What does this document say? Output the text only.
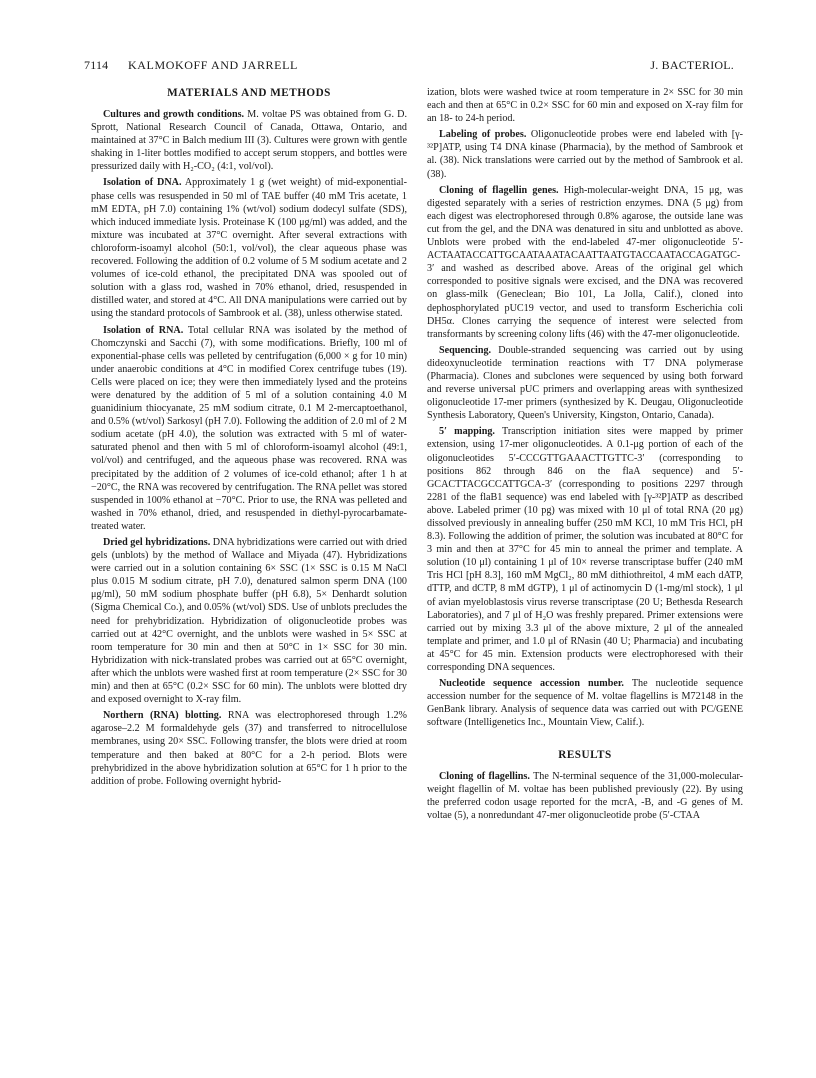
7114 KALMOKOFF AND JARRELL	J. BACTERIOL.
MATERIALS AND METHODS

Cultures and growth conditions. M. voltae PS was obtained from G. D. Sprott, National Research Council of Canada, Ottawa, Ontario, and maintained at 37°C in Balch medium III (3). Cultures were grown with gentle shaking in 1-liter bottles modified to accept serum stoppers, and bottles were pressurized daily with H₂-CO₂ (4:1, vol/vol).

Isolation of DNA. Approximately 1 g (wet weight) of mid-exponential-phase cells was resuspended in 50 ml of TAE buffer (40 mM Tris acetate, 1 mM EDTA, pH 7.0) containing 1% (wt/vol) sodium dodecyl sulfate (SDS), which induced immediate lysis. Proteinase K (100 μg/ml) was added, and the mixture was incubated at 37°C overnight. After several extractions with chloroform-isoamyl alcohol (50:1, vol/vol), the clear aqueous phase was recovered. Following the addition of 0.2 volume of 5 M sodium acetate and 2 volumes of ice-cold ethanol, the precipitated DNA was spooled out of solution with a glass rod, washed in 70% ethanol, dried, resuspended in distilled water, and stored at 4°C. All DNA manipulations were carried out by using the standard protocols of Sambrook et al. (38), unless otherwise stated.

Isolation of RNA. Total cellular RNA was isolated by the method of Chomczynski and Sacchi (7), with some modifications. Briefly, 100 ml of exponential-phase cells was pelleted by centrifugation (6,000 × g for 10 min) under anaerobic conditions at 4°C in modified Corex centrifuge tubes (19). Cells were placed on ice; they were then immediately lysed and the proteins were denatured by the addition of 5 ml of a solution containing 4.0 M guanidinium thiocyanate, 25 mM sodium citrate, 0.1 M 2-mercaptoethanol, and 0.5% (wt/vol) Sarkosyl (pH 7.0). Following the addition of 2.0 ml of 2 M sodium acetate (pH 4.0), the solution was extracted with 5 ml of water-saturated phenol and then with 5 ml of chloroform-isoamyl alcohol (49:1, vol/vol) and centrifuged, and the aqueous phase was recovered. RNA was precipitated by the addition of 2 volumes of ice-cold ethanol; after 1 h at −20°C, the RNA was recovered by centrifugation. The RNA pellet was stored suspended in 100% ethanol at −70°C. Prior to use, the RNA was pelleted and washed in 70% ethanol, dried, and resuspended in diethyl-pyrocarbamate-treated water.

Dried gel hybridizations. DNA hybridizations were carried out with dried gels (unblots) by the method of Wallace and Miyada (47). Hybridizations were carried out in a solution containing 6× SSC (1× SSC is 0.15 M NaCl plus 0.015 M sodium citrate, pH 7.0), denatured salmon sperm DNA (100 μg/ml), 50 mM sodium phosphate buffer (pH 6.8), 5× Denhardt solution (Sigma Chemical Co.), and 0.05% (wt/vol) SDS. Use of unblots precludes the need for prehybridization. Hybridization of oligonucleotide probes was carried out at 42°C overnight, and the unblots were washed in 5× SSC at room temperature for 30 min and then at 50°C in 1× SSC for 30 min. Hybridization with nick-translated probes was carried out at 65°C overnight, after which the unblots were washed first at room temperature (2× SSC for 30 min) and then at 65°C (0.2× SSC for 60 min). The unblots were blotted dry and exposed overnight to X-ray film.

Northern (RNA) blotting. RNA was electrophoresed through 1.2% agarose–2.2 M formaldehyde gels (37) and transferred to nitrocellulose membranes, using 20× SSC. Following transfer, the blots were dried at room temperature and then baked at 80°C for a 2-h period. Blots were prehybridized in the above hybridization solution at 65°C for 1 h prior to the addition of probe. Following overnight hybrid-

ization, blots were washed twice at room temperature in 2× SSC for 30 min each and then at 65°C in 0.2× SSC for 60 min and exposed on X-ray film for an 18- to 24-h period.

Labeling of probes. Oligonucleotide probes were end labeled with [γ-³²P]ATP, using T4 DNA kinase (Pharmacia), by the method of Sambrook et al. (38). Nick translations were carried out by the method of Sambrook et al. (38).

Cloning of flagellin genes. High-molecular-weight DNA, 15 μg, was digested separately with a series of restriction enzymes. DNA (5 μg) from each digest was electrophoresed through 0.8% agarose, the outside lane was cut from the gel, and the DNA was denatured in situ and unblotted as above. Unblots were probed with the end-labeled 47-mer oligonucleotide 5′-ACTAATACCATTGCAATAAATACAATTAATGTACCAATACCAGATGC-3′ and washed as described above. Areas of the original gel which corresponded to positive signals were excised, and the DNA was recovered on glass-milk (Geneclean; Bio 101, La Jolla, Calif.), cloned into dephosphorylated pUC19 vector, and used to transform Escherichia coli DH5α. Clones carrying the sequence of interest were selected from transformants by screening colony lifts (46) with the 47-mer oligonucleotide.

Sequencing. Double-stranded sequencing was carried out by using dideoxynucleotide termination reactions with T7 DNA polymerase (Pharmacia). Clones and subclones were sequenced by using both forward and reverse universal pUC primers and overlapping areas with synthesized oligonucleotide 17-mer primers (synthesized by K. Deugau, Oligonucleotide Synthesis Laboratory, Queen's University, Kingston, Ontario, Canada).

5′ mapping. Transcription initiation sites were mapped by primer extension, using 17-mer oligonucleotides. A 0.1-μg portion of each of the oligonucleotides 5′-CCCGTTGAAACTTGTTC-3′ (corresponding to positions 862 through 846 on the flaA sequence) and 5′-GCACTTACGCCATTGCA-3′ (corresponding to positions 2297 through 2281 of the flaB1 sequence) was end labeled with [γ-³²P]ATP as described above. Labeled primer (10 pg) was mixed with 10 μl of total RNA (20 μg) dissolved previously in annealing buffer (250 mM KCl, 10 mM Tris HCl, pH 8.3). Following the addition of primer, the solution was incubated at 80°C for 3 min and then at 37°C for 45 min to anneal the primer and template. A solution (10 μl) containing 1 μl of 10× reverse transcriptase buffer (240 mM Tris HCl [pH 8.3], 160 mM MgCl₂, 80 mM dithiothreitol, 4 mM each dATP, dTTP, and dCTP, 8 mM dGTP), 1 μl of actinomycin D (1-mg/ml stock), 1 μl of avian myeloblastosis virus reverse transcriptase (20 U; Bethesda Research Laboratories), and 7 μl of H₂O was freshly prepared. Primer extensions were carried out by mixing 3.3 μl of the above mixture, 2 μl of the annealed template and primer, and 1.0 μl of RNasin (40 U; Pharmacia) and incubating at 45°C for 45 min. Extension products were electrophoresed with their corresponding DNA sequences.

Nucleotide sequence accession number. The nucleotide sequence accession number for the sequence of M. voltae flagellins is M72148 in the GenBank library. Analysis of sequence data was carried out with PC/GENE software (Intelligenetics Inc., Mountain View, Calif.).

RESULTS

Cloning of flagellins. The N-terminal sequence of the 31,000-molecular-weight flagellin of M. voltae has been published previously (22). By using the preferred codon usage reported for the mcrA, -B, and -G genes of M. voltae (5), a nonredundant 47-mer oligonucleotide probe (5′-CTAA
